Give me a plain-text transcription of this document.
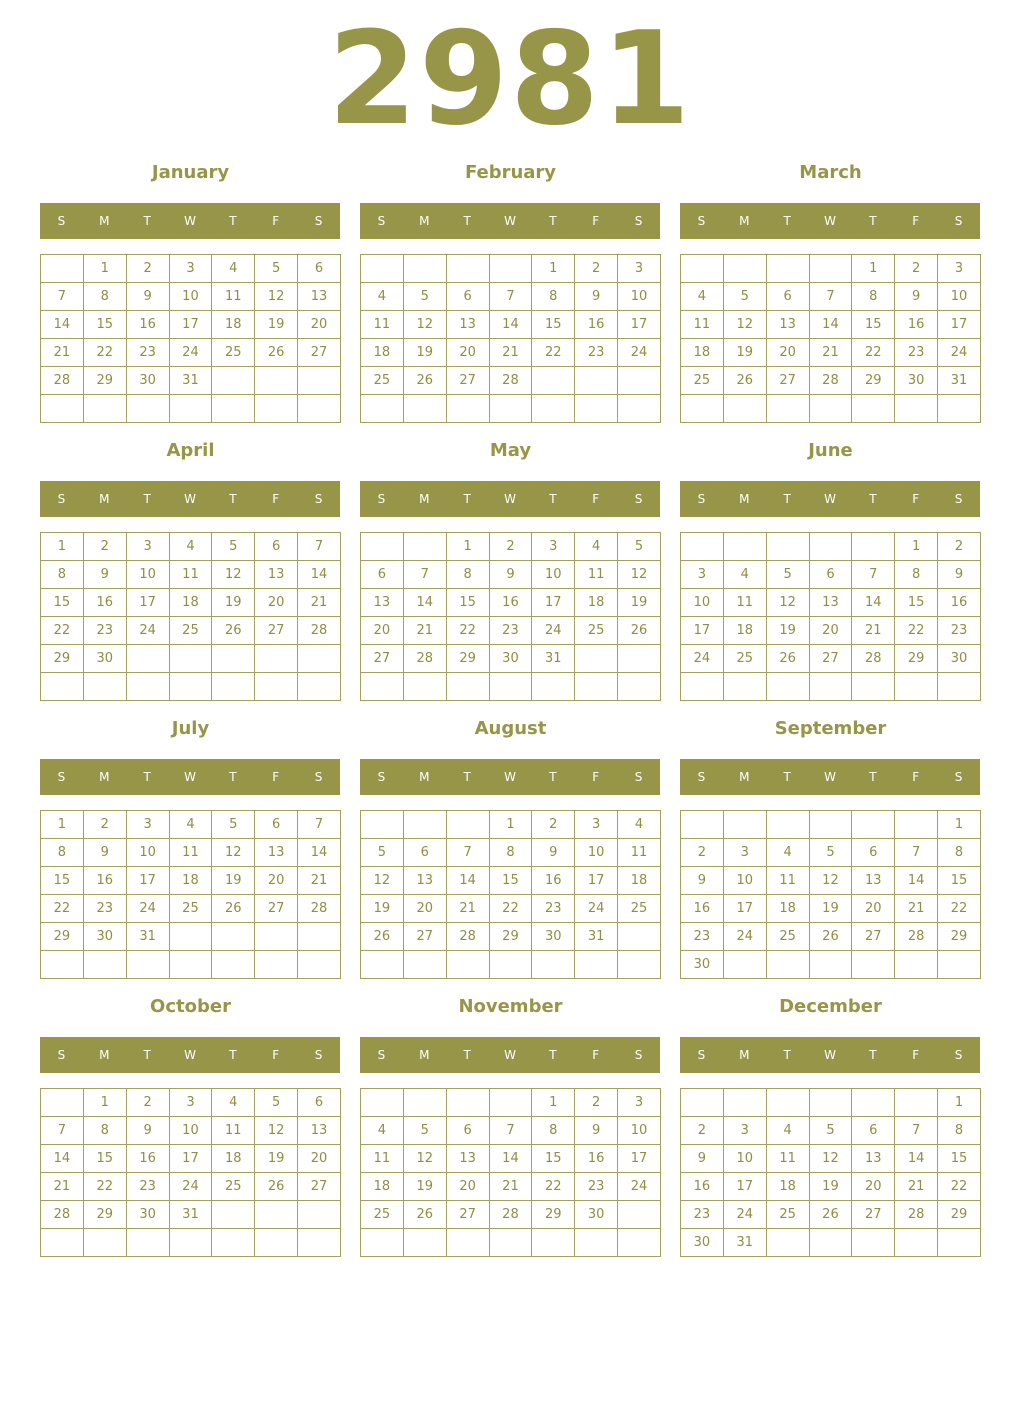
2981
January
S	M	T	W	T	F	S
	1	2	3	4	5	6
7	8	9	10	11	12	13
14	15	16	17	18	19	20
21	22	23	24	25	26	27
28	29	30	31			

February
S	M	T	W	T	F	S
				1	2	3
4	5	6	7	8	9	10
11	12	13	14	15	16	17
18	19	20	21	22	23	24
25	26	27	28			

March
S	M	T	W	T	F	S
				1	2	3
4	5	6	7	8	9	10
11	12	13	14	15	16	17
18	19	20	21	22	23	24
25	26	27	28	29	30	31

April
S	M	T	W	T	F	S
1	2	3	4	5	6	7
8	9	10	11	12	13	14
15	16	17	18	19	20	21
22	23	24	25	26	27	28
29	30					

May
S	M	T	W	T	F	S
		1	2	3	4	5
6	7	8	9	10	11	12
13	14	15	16	17	18	19
20	21	22	23	24	25	26
27	28	29	30	31		

June
S	M	T	W	T	F	S
					1	2
3	4	5	6	7	8	9
10	11	12	13	14	15	16
17	18	19	20	21	22	23
24	25	26	27	28	29	30

July
S	M	T	W	T	F	S
1	2	3	4	5	6	7
8	9	10	11	12	13	14
15	16	17	18	19	20	21
22	23	24	25	26	27	28
29	30	31				

August
S	M	T	W	T	F	S
			1	2	3	4
5	6	7	8	9	10	11
12	13	14	15	16	17	18
19	20	21	22	23	24	25
26	27	28	29	30	31	

September
S	M	T	W	T	F	S
						1
2	3	4	5	6	7	8
9	10	11	12	13	14	15
16	17	18	19	20	21	22
23	24	25	26	27	28	29
30						
October
S	M	T	W	T	F	S
	1	2	3	4	5	6
7	8	9	10	11	12	13
14	15	16	17	18	19	20
21	22	23	24	25	26	27
28	29	30	31			

November
S	M	T	W	T	F	S
				1	2	3
4	5	6	7	8	9	10
11	12	13	14	15	16	17
18	19	20	21	22	23	24
25	26	27	28	29	30	

December
S	M	T	W	T	F	S
						1
2	3	4	5	6	7	8
9	10	11	12	13	14	15
16	17	18	19	20	21	22
23	24	25	26	27	28	29
30	31					
